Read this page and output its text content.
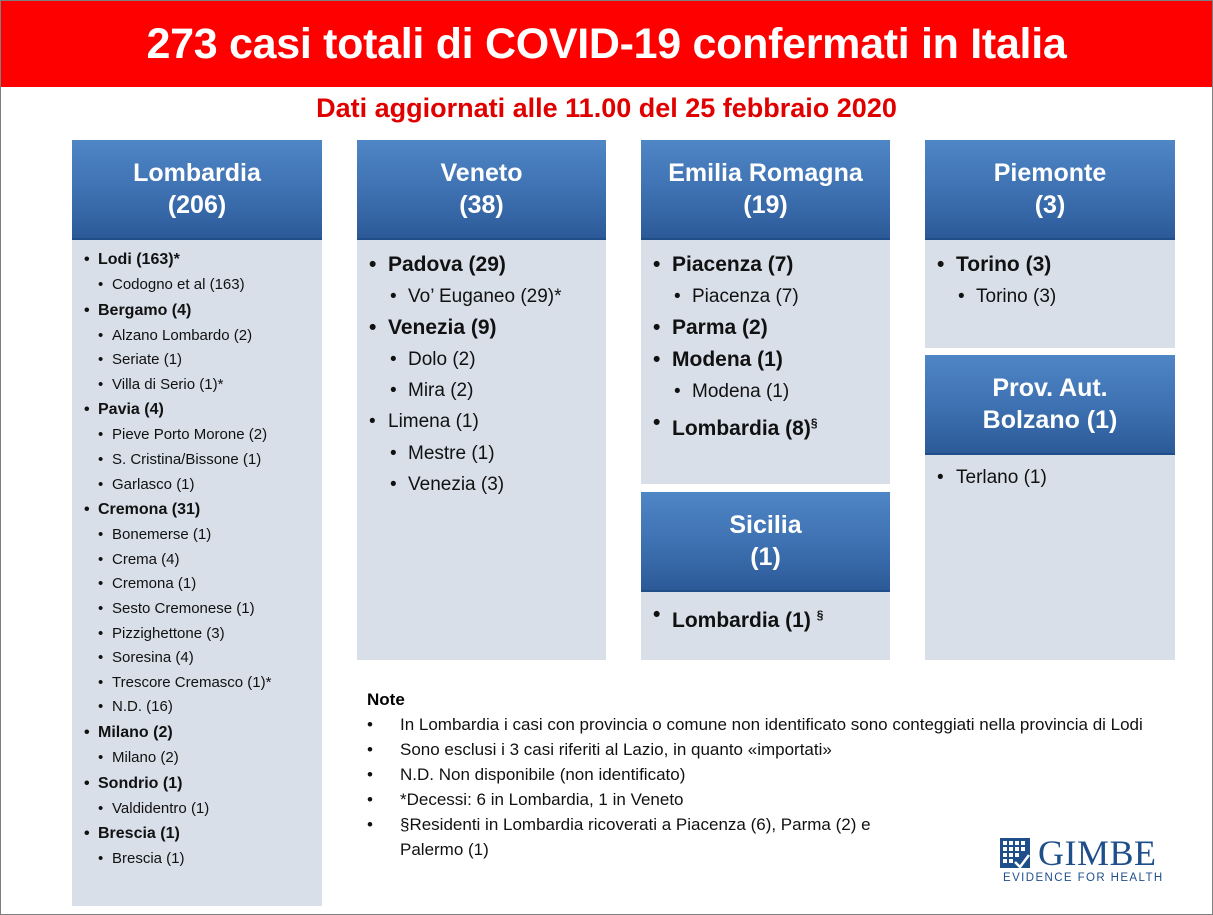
273 casi totali di COVID-19 confermati in Italia
Dati aggiornati alle 11.00 del 25 febbraio 2020
Lombardia
(206)
• Lodi (163)*
• Codogno et al (163)
• Bergamo (4)
• Alzano Lombardo (2)
• Seriate (1)
• Villa di Serio (1)*
• Pavia (4)
• Pieve Porto Morone (2)
• S. Cristina/Bissone (1)
• Garlasco (1)
• Cremona (31)
• Bonemerse (1)
• Crema (4)
• Cremona (1)
• Sesto Cremonese (1)
• Pizzighettone (3)
• Soresina (4)
• Trescore Cremasco (1)*
• N.D. (16)
• Milano (2)
• Milano (2)
• Sondrio (1)
• Valdidentro (1)
• Brescia (1)
• Brescia (1)
Veneto
(38)
• Padova (29)
• Vo’ Euganeo (29)*
• Venezia (9)
• Dolo (2)
• Mira (2)
• Limena (1)
• Mestre (1)
• Venezia (3)
Emilia Romagna
(19)
• Piacenza (7)
• Piacenza (7)
• Parma (2)
• Modena (1)
• Modena (1)
• Lombardia (8)§
Sicilia
(1)
• Lombardia (1) §
Piemonte
(3)
• Torino (3)
• Torino (3)
Prov. Aut.
Bolzano (1)
• Terlano (1)
Note
• In Lombardia i casi con provincia o comune non identificato sono conteggiati nella provincia di Lodi
• Sono esclusi i 3 casi riferiti al Lazio, in quanto «importati»
• N.D. Non disponibile (non identificato)
• *Decessi: 6 in Lombardia, 1 in Veneto
• §Residenti in Lombardia ricoverati a Piacenza (6), Parma (2) e Palermo (1)	GIMBE
EVIDENCE FOR HEALTH
